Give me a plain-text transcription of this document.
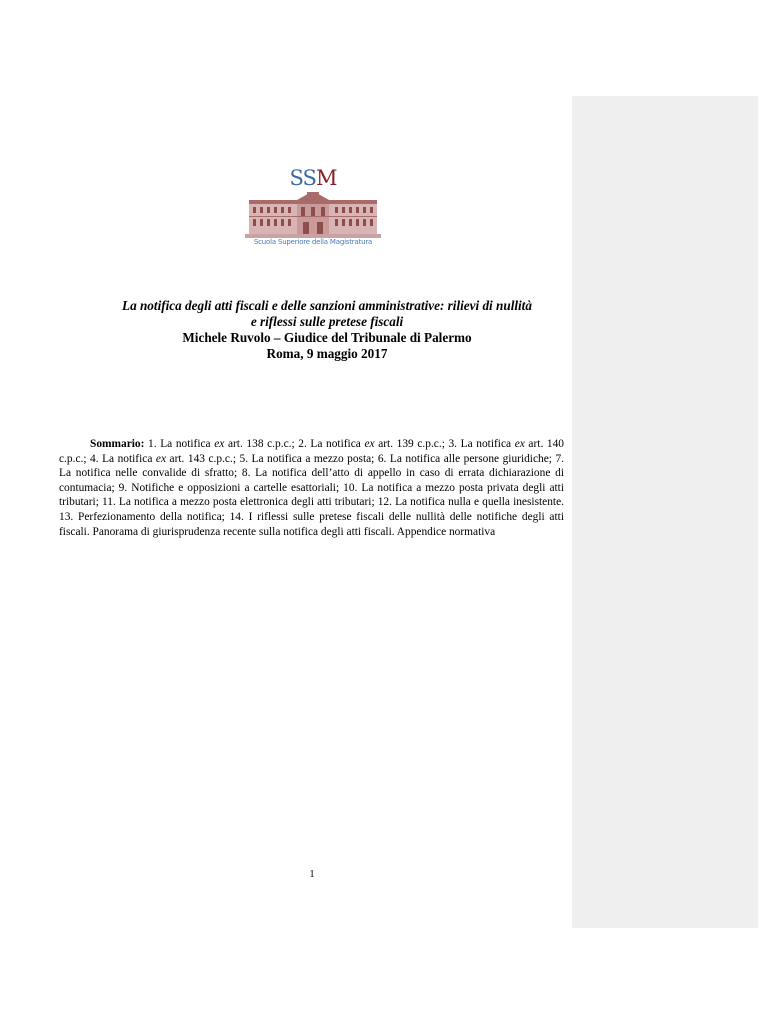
SSM
Scuola Superiore della Magistratura
La notifica degli atti fiscali e delle sanzioni amministrative: rilievi di nullità
e riflessi sulle pretese fiscali
Michele Ruvolo – Giudice del Tribunale di Palermo
Roma, 9 maggio 2017
Sommario: 1. La notifica ex art. 138 c.p.c.; 2. La notifica ex art. 139 c.p.c.; 3. La notifica ex art. 140 c.p.c.; 4. La notifica ex art. 143 c.p.c.; 5. La notifica a mezzo posta; 6. La notifica alle persone giuridiche; 7. La notifica nelle convalide di sfratto; 8. La notifica dell’atto di appello in caso di errata dichiarazione di contumacia; 9. Notifiche e opposizioni a cartelle esattoriali; 10. La notifica a mezzo posta privata degli atti tributari; 11. La notifica a mezzo posta elettronica degli atti tributari; 12. La notifica nulla e quella inesistente. 13. Perfezionamento della notifica; 14. I riflessi sulle pretese fiscali delle nullità delle notifiche degli atti fiscali. Panorama di giurisprudenza recente sulla notifica degli atti fiscali. Appendice normativa
1
